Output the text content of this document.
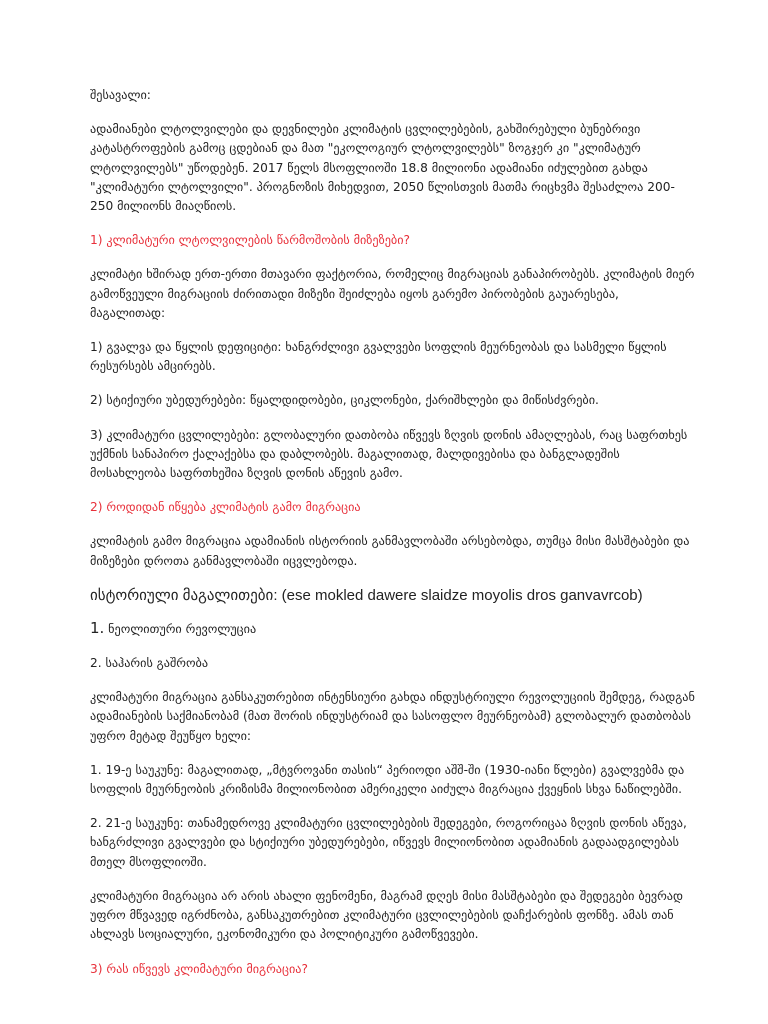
შესავალი:

ადამიანები ლტოლვილები და დევნილები კლიმატის ცვლილებების, გახშირებული ბუნებრივი კატასტროფების გამოც ცდებიან და მათ "ეკოლოგიურ ლტოლვილებს" ზოგჯერ კი "კლიმატურ ლტოლვილებს" უწოდებენ. 2017 წელს მსოფლიოში 18.8 მილიონი ადამიანი იძულებით გახდა "კლიმატური ლტოლვილი". პროგნოზის მიხედვით, 2050 წლისთვის მათმა რიცხვმა შესაძლოა 200-250 მილიონს მიაღწიოს.

1) კლიმატური ლტოლვილების წარმოშობის მიზეზები?

კლიმატი ხშირად ერთ-ერთი მთავარი ფაქტორია, რომელიც მიგრაციას განაპირობებს. კლიმატის მიერ გამოწვეული მიგრაციის ძირითადი მიზეზი შეიძლება იყოს გარემო პირობების გაუარესება, მაგალითად:

1) გვალვა და წყლის დეფიციტი: ხანგრძლივი გვალვები სოფლის მეურნეობას და სასმელი წყლის რესურსებს ამცირებს.

2) სტიქიური უბედურებები: წყალდიდობები, ციკლონები, ქარიშხლები და მიწისძვრები.

3) კლიმატური ცვლილებები: გლობალური დათბობა იწვევს ზღვის დონის ამაღლებას, რაც საფრთხეს უქმნის სანაპირო ქალაქებსა და დაბლობებს. მაგალითად, მალდივებისა და ბანგლადეშის მოსახლეობა საფრთხეშია ზღვის დონის აწევის გამო.

2) როდიდან იწყება კლიმატის გამო მიგრაცია

კლიმატის გამო მიგრაცია ადამიანის ისტორიის განმავლობაში არსებობდა, თუმცა მისი მასშტაბები და მიზეზები დროთა განმავლობაში იცვლებოდა.

ისტორიული მაგალითები: (ese mokled dawere slaidze moyolis dros ganvavrcob)

1. ნეოლითური რევოლუცია

2. საჰარის გაშრობა

კლიმატური მიგრაცია განსაკუთრებით ინტენსიური გახდა ინდუსტრიული რევოლუციის შემდეგ, რადგან ადამიანების საქმიანობამ (მათ შორის ინდუსტრიამ და სასოფლო მეურნეობამ) გლობალურ დათბობას უფრო მეტად შეუწყო ხელი:

1. 19-ე საუკუნე: მაგალითად, „მტვროვანი თასის“ პერიოდი აშშ-ში (1930-იანი წლები) გვალვებმა და სოფლის მეურნეობის კრიზისმა მილიონობით ამერიკელი აიძულა მიგრაცია ქვეყნის სხვა ნაწილებში.

2. 21-ე საუკუნე: თანამედროვე კლიმატური ცვლილებების შედეგები, როგორიცაა ზღვის დონის აწევა, ხანგრძლივი გვალვები და სტიქიური უბედურებები, იწვევს მილიონობით ადამიანის გადაადგილებას მთელ მსოფლიოში.

კლიმატური მიგრაცია არ არის ახალი ფენომენი, მაგრამ დღეს მისი მასშტაბები და შედეგები ბევრად უფრო მწვავედ იგრძნობა, განსაკუთრებით კლიმატური ცვლილებების დაჩქარების ფონზე. ამას თან ახლავს სოციალური, ეკონომიკური და პოლიტიკური გამოწვევები.

3) რას იწვევს კლიმატური მიგრაცია?
